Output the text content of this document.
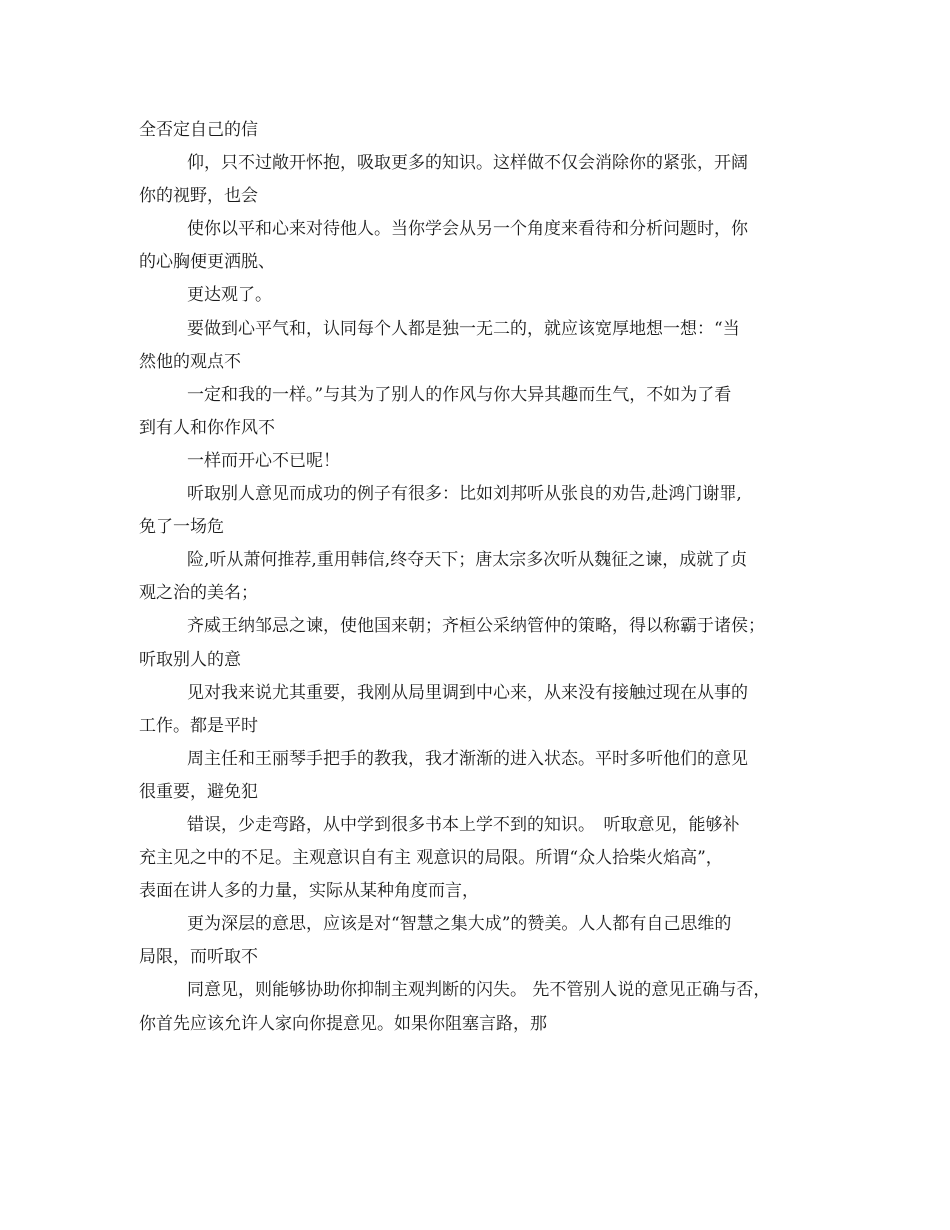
全否定自己的信
仰，只不过敞开怀抱，吸取更多的知识。这样做不仅会消除你的紧张，开阔
你的视野，也会
使你以平和心来对待他人。当你学会从另一个角度来看待和分析问题时，你
的心胸便更洒脱、
更达观了。
要做到心平气和，认同每个人都是独一无二的，就应该宽厚地想一想：“当
然他的观点不
一定和我的一样。”与其为了别人的作风与你大异其趣而生气，不如为了看
到有人和你作风不
一样而开心不已呢！
听取别人意见而成功的例子有很多：比如刘邦听从张良的劝告,赴鸿门谢罪,
免了一场危
险,听从萧何推荐,重用韩信,终夺天下；唐太宗多次听从魏征之谏，成就了贞
观之治的美名；
齐威王纳邹忌之谏，使他国来朝；齐桓公采纳管仲的策略，得以称霸于诸侯；
听取别人的意
见对我来说尤其重要，我刚从局里调到中心来，从来没有接触过现在从事的
工作。都是平时
周主任和王丽琴手把手的教我，我才渐渐的进入状态。平时多听他们的意见
很重要，避免犯
错误，少走弯路，从中学到很多书本上学不到的知识。　听取意见，能够补
充主见之中的不足。主观意识自有主 观意识的局限。所谓“众人拾柴火焰高”，
表面在讲人多的力量，实际从某种角度而言，
更为深层的意思，应该是对“智慧之集大成”的赞美。人人都有自己思维的
局限，而听取不
同意见，则能够协助你抑制主观判断的闪失。 先不管别人说的意见正确与否，
你首先应该允许人家向你提意见。如果你阻塞言路，那
